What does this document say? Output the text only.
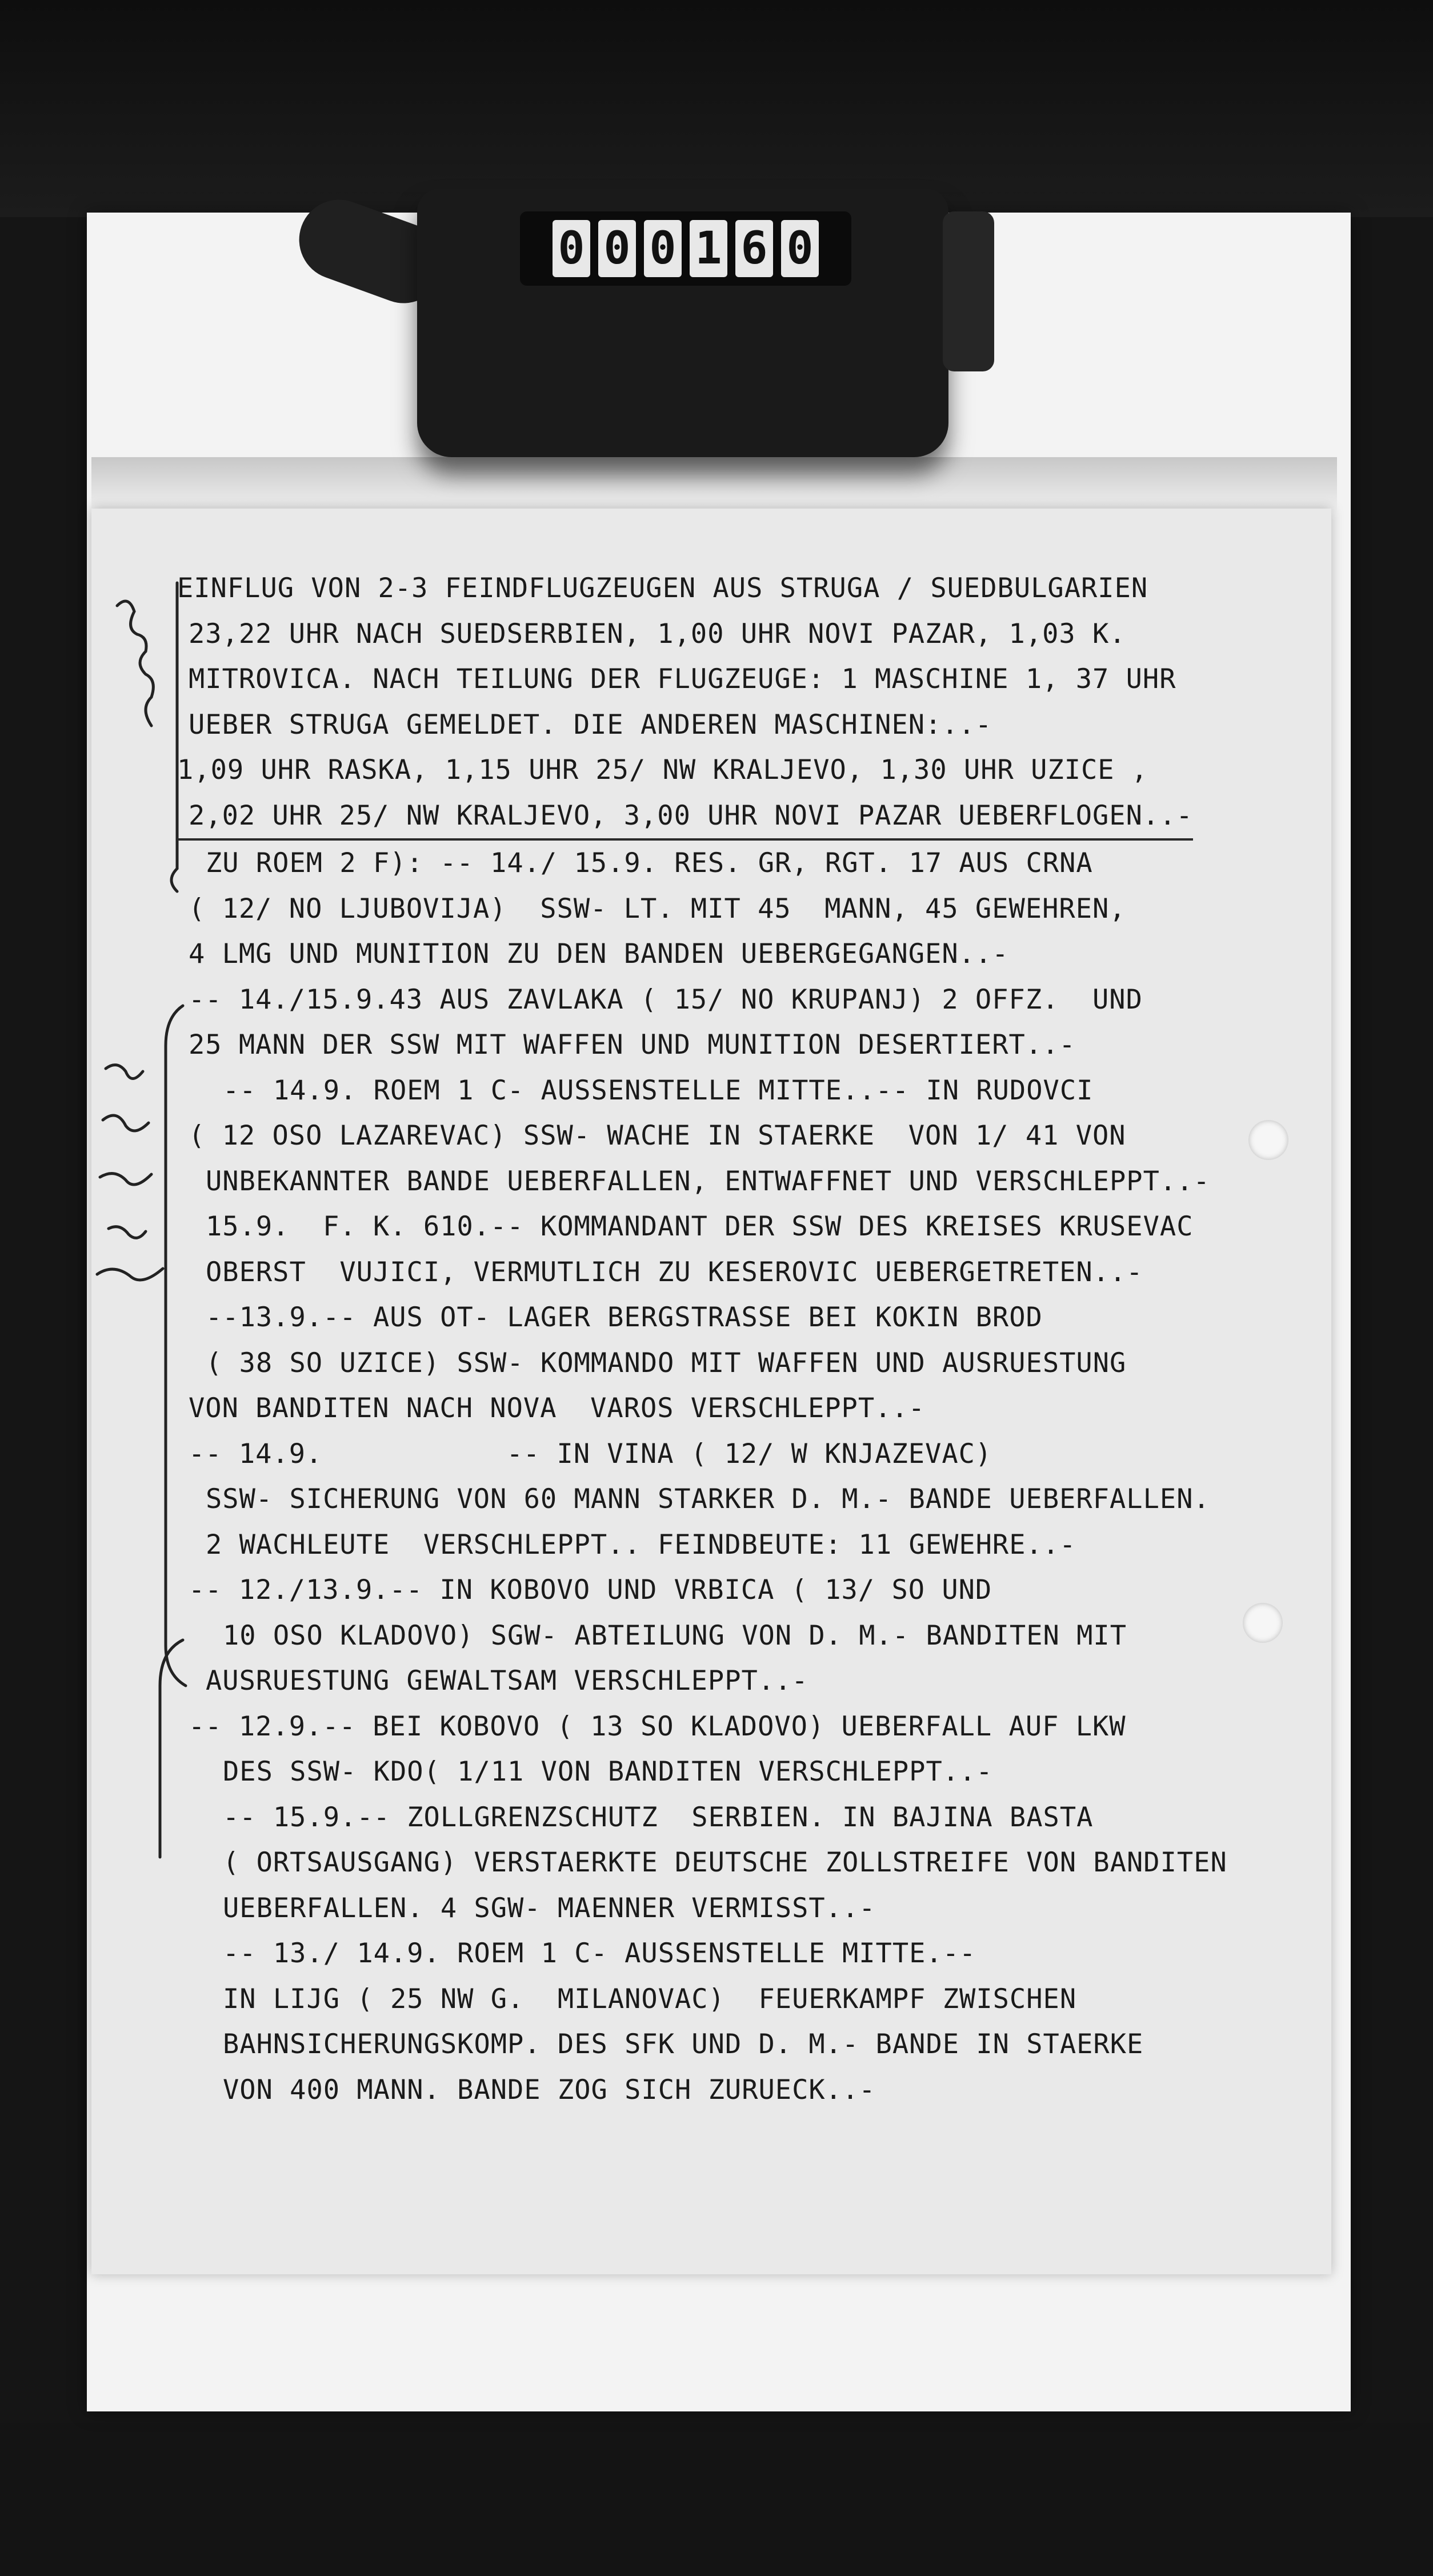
0 0 0 1 6 0
EINFLUG VON 2-3 FEINDFLUGZEUGEN AUS STRUGA / SUEDBULGARIEN
23,22 UHR NACH SUEDSERBIEN, 1,00 UHR NOVI PAZAR, 1,03 K.
MITROVICA. NACH TEILUNG DER FLUGZEUGE: 1 MASCHINE 1, 37 UHR
UEBER STRUGA GEMELDET. DIE ANDEREN MASCHINEN:..-
1,09 UHR RASKA, 1,15 UHR 25/ NW KRALJEVO, 1,30 UHR UZICE ,
2,02 UHR 25/ NW KRALJEVO, 3,00 UHR NOVI PAZAR UEBERFLOGEN..-
ZU ROEM 2 F): -- 14./ 15.9. RES. GR, RGT. 17 AUS CRNA
( 12/ NO LJUBOVIJA)  SSW- LT. MIT 45  MANN, 45 GEWEHREN,
4 LMG UND MUNITION ZU DEN BANDEN UEBERGEGANGEN..-
-- 14./15.9.43 AUS ZAVLAKA ( 15/ NO KRUPANJ) 2 OFFZ.  UND
25 MANN DER SSW MIT WAFFEN UND MUNITION DESERTIERT..-
-- 14.9. ROEM 1 C- AUSSENSTELLE MITTE..-- IN RUDOVCI
( 12 OSO LAZAREVAC) SSW- WACHE IN STAERKE  VON 1/ 41 VON
UNBEKANNTER BANDE UEBERFALLEN, ENTWAFFNET UND VERSCHLEPPT..-
15.9.  F. K. 610.-- KOMMANDANT DER SSW DES KREISES KRUSEVAC
OBERST  VUJICI, VERMUTLICH ZU KESEROVIC UEBERGETRETEN..-
--13.9.-- AUS OT- LAGER BERGSTRASSE BEI KOKIN BROD
( 38 SO UZICE) SSW- KOMMANDO MIT WAFFEN UND AUSRUESTUNG
VON BANDITEN NACH NOVA  VAROS VERSCHLEPPT..-
-- 14.9.           -- IN VINA ( 12/ W KNJAZEVAC)
SSW- SICHERUNG VON 60 MANN STARKER D. M.- BANDE UEBERFALLEN.
2 WACHLEUTE  VERSCHLEPPT.. FEINDBEUTE: 11 GEWEHRE..-
-- 12./13.9.-- IN KOBOVO UND VRBICA ( 13/ SO UND
10 OSO KLADOVO) SGW- ABTEILUNG VON D. M.- BANDITEN MIT
AUSRUESTUNG GEWALTSAM VERSCHLEPPT..-
-- 12.9.-- BEI KOBOVO ( 13 SO KLADOVO) UEBERFALL AUF LKW
DES SSW- KDO( 1/11 VON BANDITEN VERSCHLEPPT..-
-- 15.9.-- ZOLLGRENZSCHUTZ  SERBIEN. IN BAJINA BASTA
( ORTSAUSGANG) VERSTAERKTE DEUTSCHE ZOLLSTREIFE VON BANDITEN
UEBERFALLEN. 4 SGW- MAENNER VERMISST..-
-- 13./ 14.9. ROEM 1 C- AUSSENSTELLE MITTE.--
IN LIJG ( 25 NW G.  MILANOVAC)  FEUERKAMPF ZWISCHEN
BAHNSICHERUNGSKOMP. DES SFK UND D. M.- BANDE IN STAERKE
VON 400 MANN. BANDE ZOG SICH ZURUECK..-
